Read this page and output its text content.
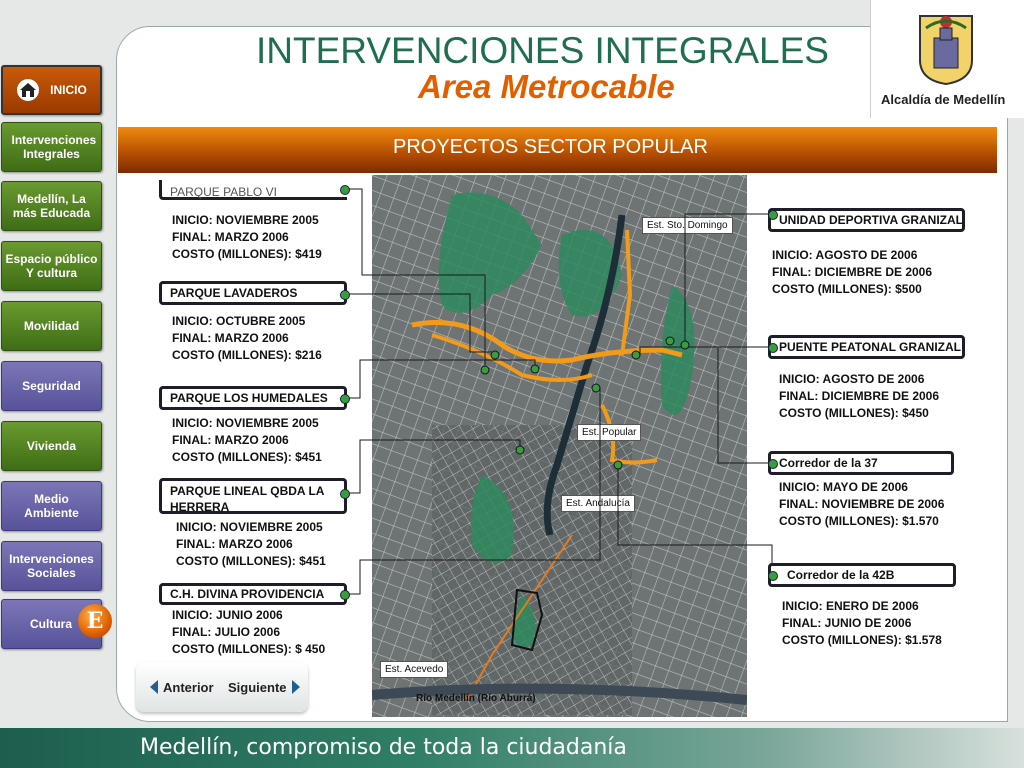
INICIO
Intervenciones Integrales
Medellín, La más Educada
Espacio público Y cultura
Movilidad
Seguridad
Vivienda
Medio Ambiente
Intervenciones Sociales
Cultura E
INTERVENCIONES INTEGRALES
Area Metrocable	Alcaldía de Medellín
PROYECTOS SECTOR POPULAR
Est. Sto. Domingo
Est. Popular
Est. Andalucía
Est. Acevedo
Río Medellín (Río Aburrá)
PARQUE PABLO VI
INICIO: NOVIEMBRE 2005
FINAL: MARZO 2006
COSTO (MILLONES): $419
PARQUE LAVADEROS
INICIO: OCTUBRE 2005
FINAL: MARZO 2006
COSTO (MILLONES): $216
PARQUE LOS HUMEDALES
INICIO: NOVIEMBRE 2005
FINAL: MARZO 2006
COSTO (MILLONES): $451
PARQUE LINEAL QBDA LA HERRERA
INICIO: NOVIEMBRE 2005
FINAL: MARZO 2006
COSTO (MILLONES): $451
C.H. DIVINA PROVIDENCIA
INICIO: JUNIO 2006
FINAL: JULIO 2006
COSTO (MILLONES): $ 450
UNIDAD DEPORTIVA GRANIZAL
INICIO: AGOSTO DE 2006
FINAL: DICIEMBRE DE 2006
COSTO (MILLONES): $500
PUENTE PEATONAL GRANIZAL
INICIO: AGOSTO DE 2006
FINAL: DICIEMBRE DE 2006
COSTO (MILLONES): $450
Corredor de la 37
INICIO: MAYO DE 2006
FINAL: NOVIEMBRE DE 2006
COSTO (MILLONES): $1.570
Corredor de la 42B
INICIO: ENERO DE 2006
FINAL: JUNIO DE 2006
COSTO (MILLONES): $1.578
Anterior Siguiente
Medellín, compromiso de toda la ciudadanía
